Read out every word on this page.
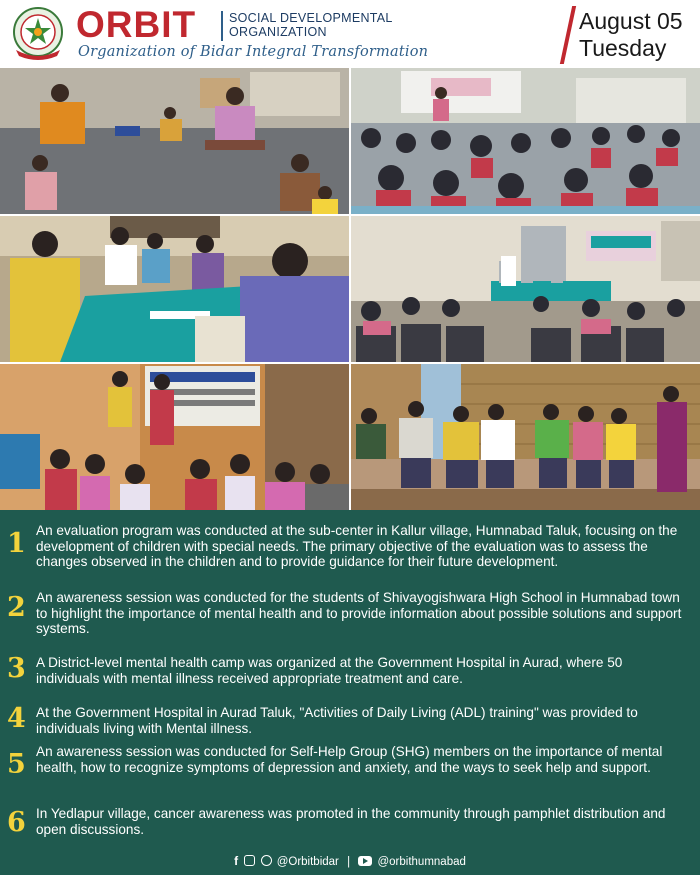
ORBIT	SOCIAL DEVELOPMENTAL
ORGANIZATION
Organization of Bidar Integral Transformation
August 05
Tuesday
1 An evaluation program was conducted at the sub-center in Kallur village, Humnabad Taluk, focusing on the development of children with special needs. The primary objective of the evaluation was to assess the changes observed in the children and to provide guidance for their future development.
2 An awareness session was conducted for the students of Shivayogishwara High School in Humnabad town to highlight the importance of mental health and to provide information about possible solutions and support systems.
3 A District-level mental health camp was organized at the Government Hospital in Aurad, where 50 individuals with mental illness received appropriate treatment and care.
4 At the Government Hospital in Aurad Taluk, "Activities of Daily Living (ADL) training" was provided to individuals living with Mental illness.
5 An awareness session was conducted for Self-Help Group (SHG) members on the importance of mental health, how to recognize symptoms of depression and anxiety, and the ways to seek help and support.
6 In Yedlapur village, cancer awareness was promoted in the community through pamphlet distribution and open discussions.
f	@Orbitbidar | @orbithumnabad
